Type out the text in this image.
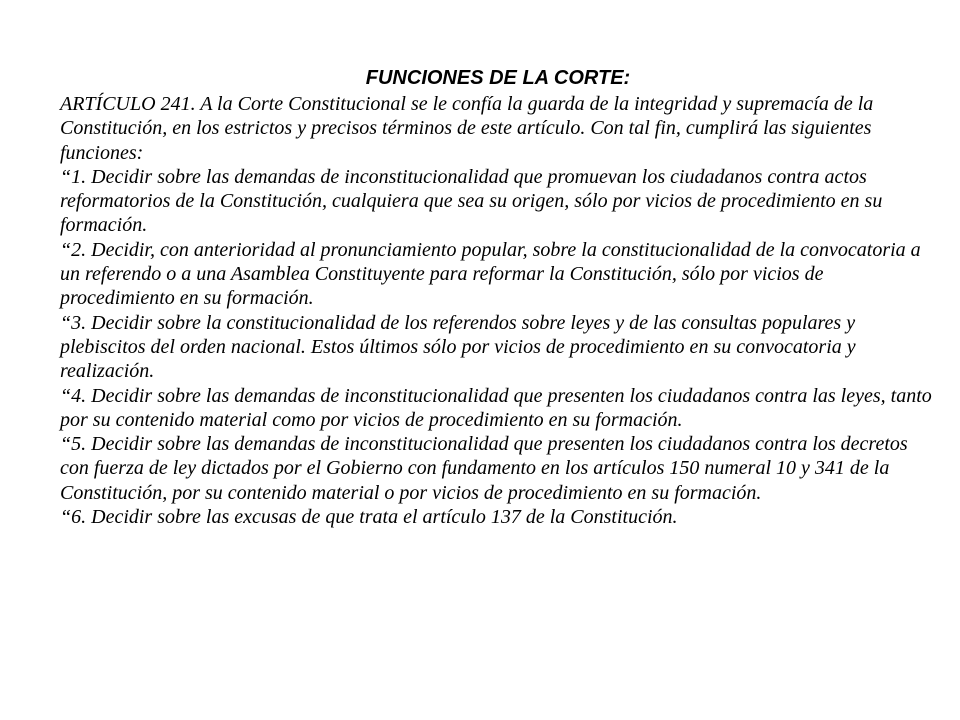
FUNCIONES DE LA CORTE:

ARTÍCULO 241. A la Corte Constitucional se le confía la guarda de la integridad y supremacía de la Constitución, en los estrictos y precisos términos de este artículo. Con tal fin, cumplirá las siguientes funciones:

“1. Decidir sobre las demandas de inconstitucionalidad que promuevan los ciudadanos contra actos reformatorios de la Constitución, cualquiera que sea su origen, sólo por vicios de procedimiento en su formación.

“2. Decidir, con anterioridad al pronunciamiento popular, sobre la constitucionalidad de la convocatoria a un referendo o a una Asamblea Constituyente para reformar la Constitución, sólo por vicios de procedimiento en su formación.

“3. Decidir sobre la constitucionalidad de los referendos sobre leyes y de las consultas populares y plebiscitos del orden nacional. Estos últimos sólo por vicios de procedimiento en su convocatoria y realización.

“4. Decidir sobre las demandas de inconstitucionalidad que presenten los ciudadanos contra las leyes, tanto por su contenido material como por vicios de procedimiento en su formación.

“5. Decidir sobre las demandas de inconstitucionalidad que presenten los ciudadanos contra los decretos con fuerza de ley dictados por el Gobierno con fundamento en los artículos 150 numeral 10 y 341 de la Constitución, por su contenido material o por vicios de procedimiento en su formación.

“6. Decidir sobre las excusas de que trata el artículo 137 de la Constitución.
